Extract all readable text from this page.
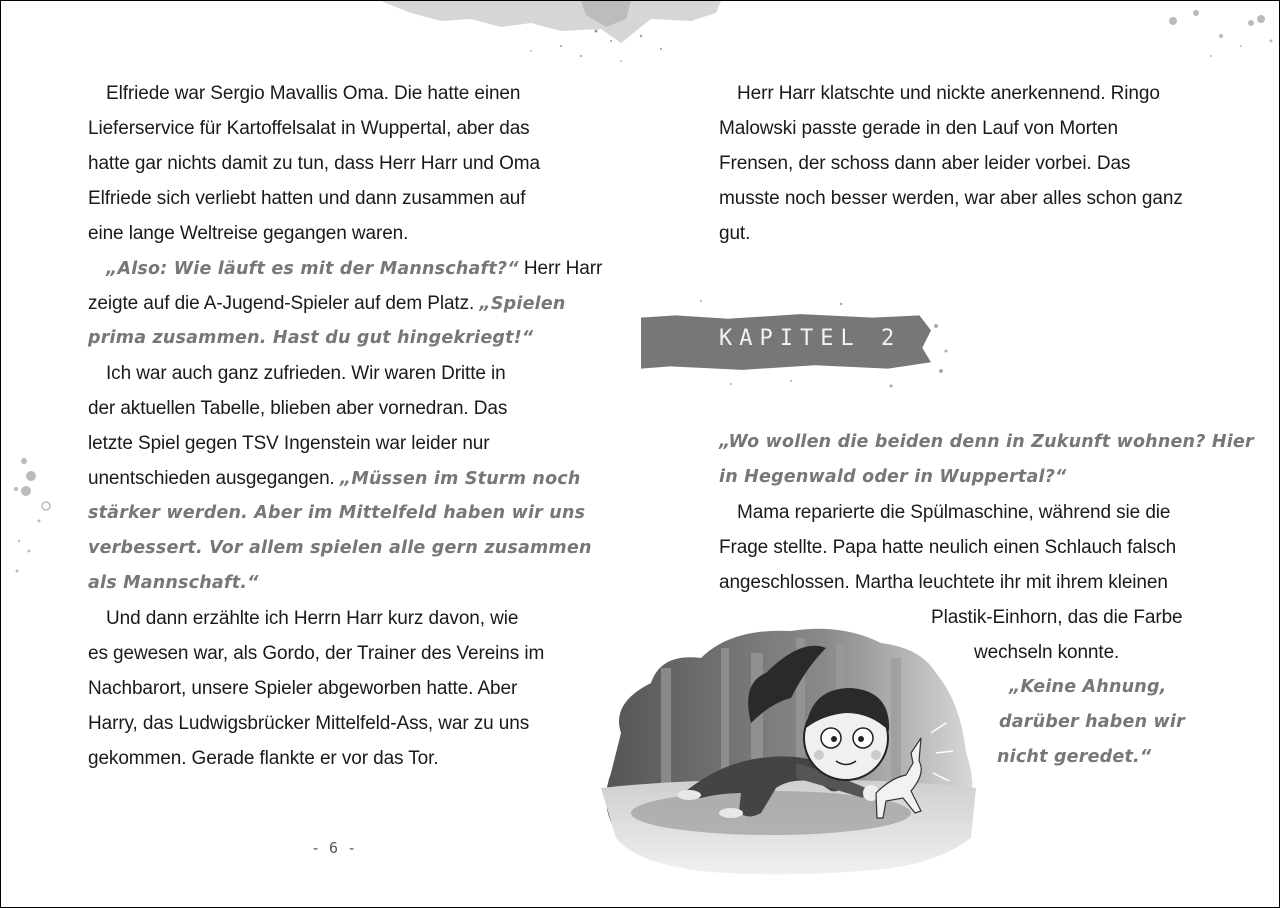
Elfriede war Sergio Mavallis Oma. Die hatte einen
Lieferservice für Kartoffelsalat in Wuppertal, aber das
hatte gar nichts damit zu tun, dass Herr Harr und Oma
Elfriede sich verliebt hatten und dann zusammen auf
eine lange Weltreise gegangen waren.
„Also: Wie läuft es mit der Mannschaft?“ Herr Harr
zeigte auf die A-Jugend-Spieler auf dem Platz. „Spielen
prima zusammen. Hast du gut hingekriegt!“
Ich war auch ganz zufrieden. Wir waren Dritte in
der aktuellen Tabelle, blieben aber vornedran. Das
letzte Spiel gegen TSV Ingenstein war leider nur
unentschieden ausgegangen. „Müssen im Sturm noch
stärker werden. Aber im Mittelfeld haben wir uns
verbessert. Vor allem spielen alle gern zusammen
als Mannschaft.“
Und dann erzählte ich Herrn Harr kurz davon, wie
es gewesen war, als Gordo, der Trainer des Vereins im
Nachbarort, unsere Spieler abgeworben hatte. Aber
Harry, das Ludwigsbrücker Mittelfeld-Ass, war zu uns
gekommen. Gerade flankte er vor das Tor.
- 6 -
Herr Harr klatschte und nickte anerkennend. Ringo
Malowski passte gerade in den Lauf von Morten
Frensen, der schoss dann aber leider vorbei. Das
musste noch besser werden, war aber alles schon ganz
gut.
KAPITEL 2
„Wo wollen die beiden denn in Zukunft wohnen? Hier
in Hegenwald oder in Wuppertal?“
Mama reparierte die Spülmaschine, während sie die
Frage stellte. Papa hatte neulich einen Schlauch falsch
angeschlossen. Martha leuchtete ihr mit ihrem kleinen
Plastik-Einhorn, das die Farbe
wechseln konnte.
„Keine Ahnung,
darüber haben wir
nicht geredet.“
